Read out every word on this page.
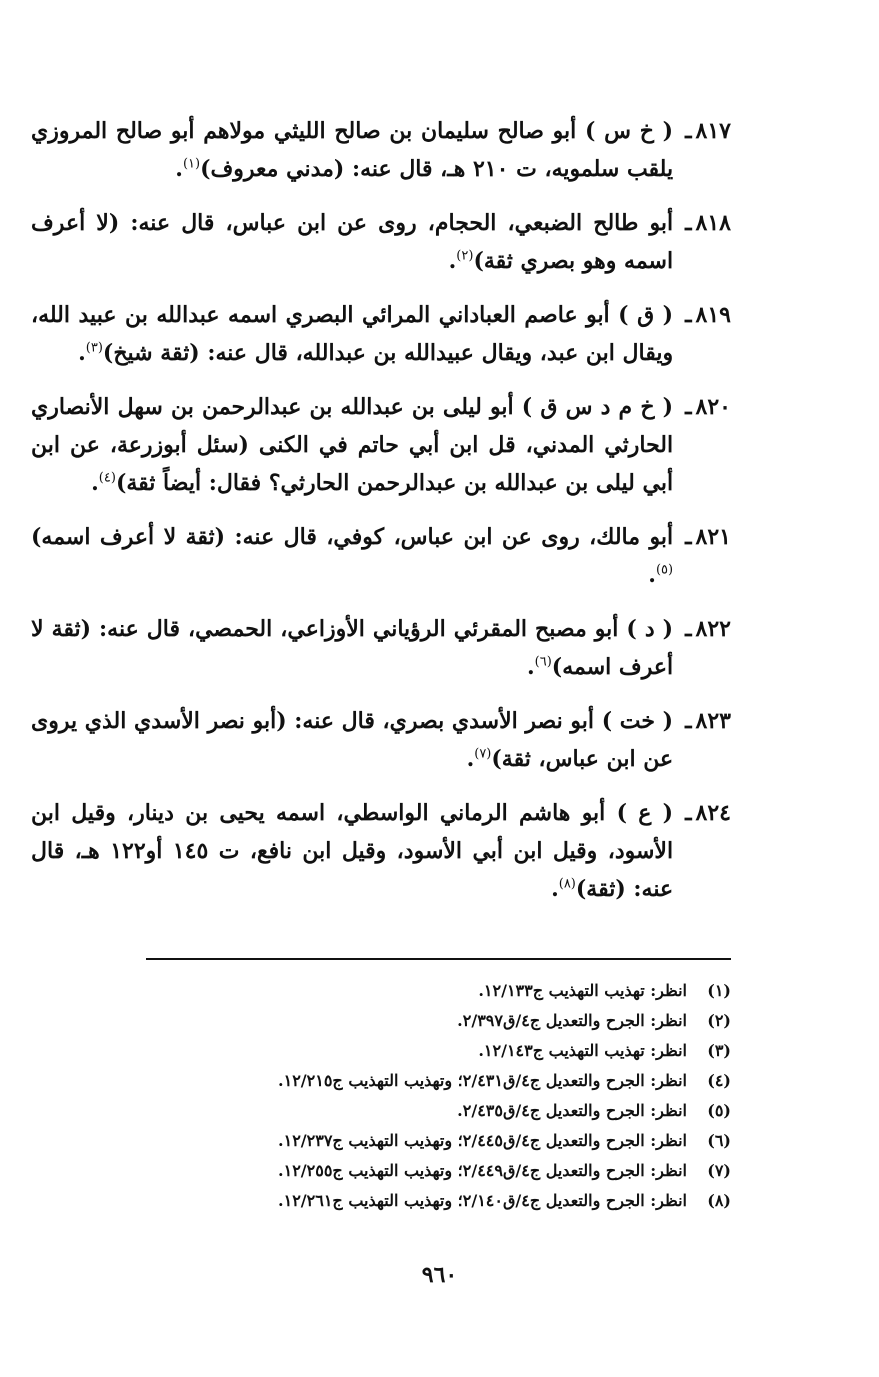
٨١٧ـ
( خ س ) أبو صالح سليمان بن صالح الليثي مولاهم أبو صالح المروزي يلقب سلمويه، ت ٢١٠ هـ، قال عنه: (مدني معروف)$^{(١)}$.
٨١٨ـ
أبو طالح الضبعي، الحجام، روى عن ابن عباس، قال عنه: (لا أعرف اسمه وهو بصري ثقة)$^{(٢)}$.
٨١٩ـ
( ق ) أبو عاصم العباداني المرائي البصري اسمه عبدالله بن عبيد الله، ويقال ابن عبد، ويقال عبيدالله بن عبدالله، قال عنه: (ثقة شيخ)$^{(٣)}$.
٨٢٠ـ
( خ م د س ق ) أبو ليلى بن عبدالله بن عبدالرحمن بن سهل الأنصاري الحارثي المدني، قل ابن أبي حاتم في الكنى (سئل أبوزرعة، عن ابن أبي ليلى بن عبدالله بن عبدالرحمن الحارثي؟ فقال: أيضاً ثقة)$^{(٤)}$.
٨٢١ـ
أبو مالك، روى عن ابن عباس، كوفي، قال عنه: (ثقة لا أعرف اسمه)$^{(٥)}$.
٨٢٢ـ
( د ) أبو مصبح المقرئي الرؤياني الأوزاعي، الحمصي، قال عنه: (ثقة لا أعرف اسمه)$^{(٦)}$.
٨٢٣ـ
( خت ) أبو نصر الأسدي بصري، قال عنه: (أبو نصر الأسدي الذي يروى عن ابن عباس، ثقة)$^{(٧)}$.
٨٢٤ـ
( ع ) أبو هاشم الرماني الواسطي، اسمه يحيى بن دينار، وقيل ابن الأسود، وقيل ابن أبي الأسود، وقيل ابن نافع، ت ١٤٥ أو١٢٢ هـ، قال عنه: (ثقة)$^{(٨)}$.
(١)
انظر: تهذيب التهذيب ج١٢/١٣٣.
(٢)
انظر: الجرح والتعديل ج٤/ق٢/٣٩٧.
(٣)
انظر: تهذيب التهذيب ج١٢/١٤٣.
(٤)
انظر: الجرح والتعديل ج٤/ق٢/٤٣١؛ وتهذيب التهذيب ج١٢/٢١٥.
(٥)
انظر: الجرح والتعديل ج٤/ق٢/٤٣٥.
(٦)
انظر: الجرح والتعديل ج٤/ق٢/٤٤٥؛ وتهذيب التهذيب ج١٢/٢٣٧.
(٧)
انظر: الجرح والتعديل ج٤/ق٢/٤٤٩؛ وتهذيب التهذيب ج١٢/٢٥٥.
(٨)
انظر: الجرح والتعديل ج٤/ق٢/١٤٠؛ وتهذيب التهذيب ج١٢/٢٦١.
٩٦٠
